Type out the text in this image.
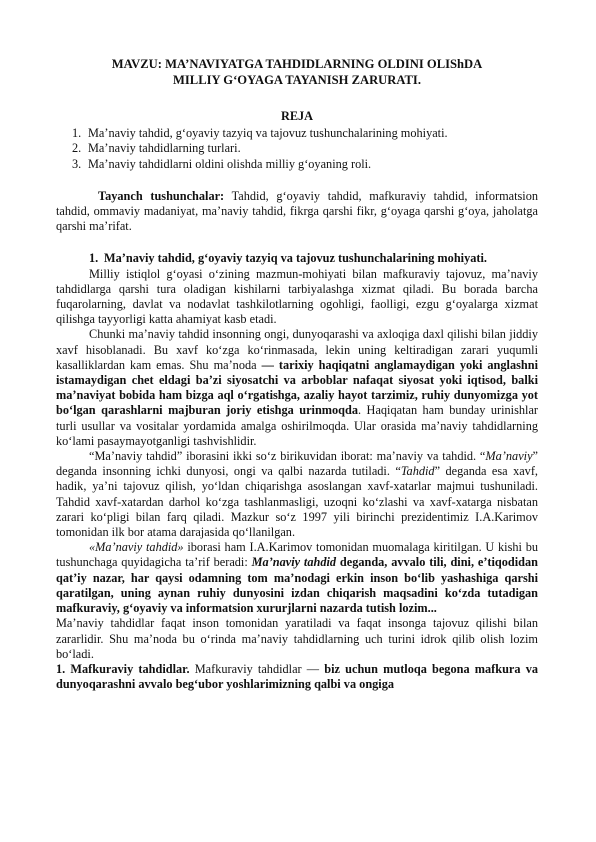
MAVZU: MA’NAVIYATGA TAHDIDLARNING OLDINI OLIShDA
MILLIY G‘OYAGA TAYANISH ZARURATI.
REJA
1. Ma’naviy tahdid, g‘oyaviy tazyiq va tajovuz tushunchalarining mohiyati.
2. Ma’naviy tahdidlarning turlari.
3. Ma’naviy tahdidlarni oldini olishda milliy g‘oyaning roli.

Tayanch tushunchalar: Tahdid, g‘oyaviy tahdid, mafkuraviy tahdid, informatsion tahdid, ommaviy madaniyat, ma’naviy tahdid, fikrga qarshi fikr, g‘oyaga qarshi g‘oya, jaholatga qarshi ma’rifat.

1. Ma’naviy tahdid, g‘oyaviy tazyiq va tajovuz tushunchalarining mohiyati.

Milliy istiqlol g‘oyasi o‘zining mazmun-mohiyati bilan mafkuraviy tajovuz, ma’naviy tahdidlarga qarshi tura oladigan kishilarni tarbiyalashga xizmat qiladi. Bu borada barcha fuqarolarning, davlat va nodavlat tashkilotlarning ogohligi, faolligi, ezgu g‘oyalarga xizmat qilishga tayyorligi katta ahamiyat kasb etadi.

Chunki ma’naviy tahdid insonning ongi, dunyoqarashi va axloqiga daxl qilishi bilan jiddiy xavf hisoblanadi. Bu xavf ko‘zga ko‘rinmasada, lekin uning keltiradigan zarari yuqumli kasalliklardan kam emas. Shu ma’noda — tarixiy haqiqatni anglamaydigan yoki anglashni istamaydigan chet eldagi ba’zi siyosatchi va arboblar nafaqat siyosat yoki iqtisod, balki ma’naviyat bobida ham bizga aql o‘rgatishga, azaliy hayot tarzimiz, ruhiy dunyomizga yot bo‘lgan qarashlarni majburan joriy etishga urinmoqda. Haqiqatan ham bunday urinishlar turli usullar va vositalar yordamida amalga oshirilmoqda. Ular orasida ma’naviy tahdidlarning ko‘lami pasaymayotganligi tashvishlidir.

“Ma’naviy tahdid” iborasini ikki so‘z birikuvidan iborat: ma’naviy va tahdid. “Ma’naviy” deganda insonning ichki dunyosi, ongi va qalbi nazarda tutiladi. “Tahdid” deganda esa xavf, hadik, ya’ni tajovuz qilish, yo‘ldan chiqarishga asoslangan xavf-xatarlar majmui tushuniladi. Tahdid xavf-xatardan darhol ko‘zga tashlanmasligi, uzoqni ko‘zlashi va xavf-xatarga nisbatan zarari ko‘pligi bilan farq qiladi. Mazkur so‘z 1997 yili birinchi prezidentimiz I.A.Karimov tomonidan ilk bor atama darajasida qo‘llanilgan.

«Ma’naviy tahdid» iborasi ham I.A.Karimov tomonidan muomalaga kiritilgan. U kishi bu tushunchaga quyidagicha ta’rif beradi: Ma’naviy tahdid deganda, avvalo tili, dini, e’tiqodidan qat’iy nazar, har qaysi odamning tom ma’nodagi erkin inson bo‘lib yashashiga qarshi qaratilgan, uning aynan ruhiy dunyosini izdan chiqarish maqsadini ko‘zda tutadigan mafkuraviy, g‘oyaviy va informatsion xururjlarni nazarda tutish lozim...

Ma’naviy tahdidlar faqat inson tomonidan yaratiladi va faqat insonga tajovuz qilishi bilan zararlidir. Shu ma’noda bu o‘rinda ma’naviy tahdidlarning uch turini idrok qilib olish lozim bo‘ladi.

1. Mafkuraviy tahdidlar. Mafkuraviy tahdidlar — biz uchun mutloqa begona mafkura va dunyoqarashni avvalo beg‘ubor yoshlarimizning qalbi va ongiga
